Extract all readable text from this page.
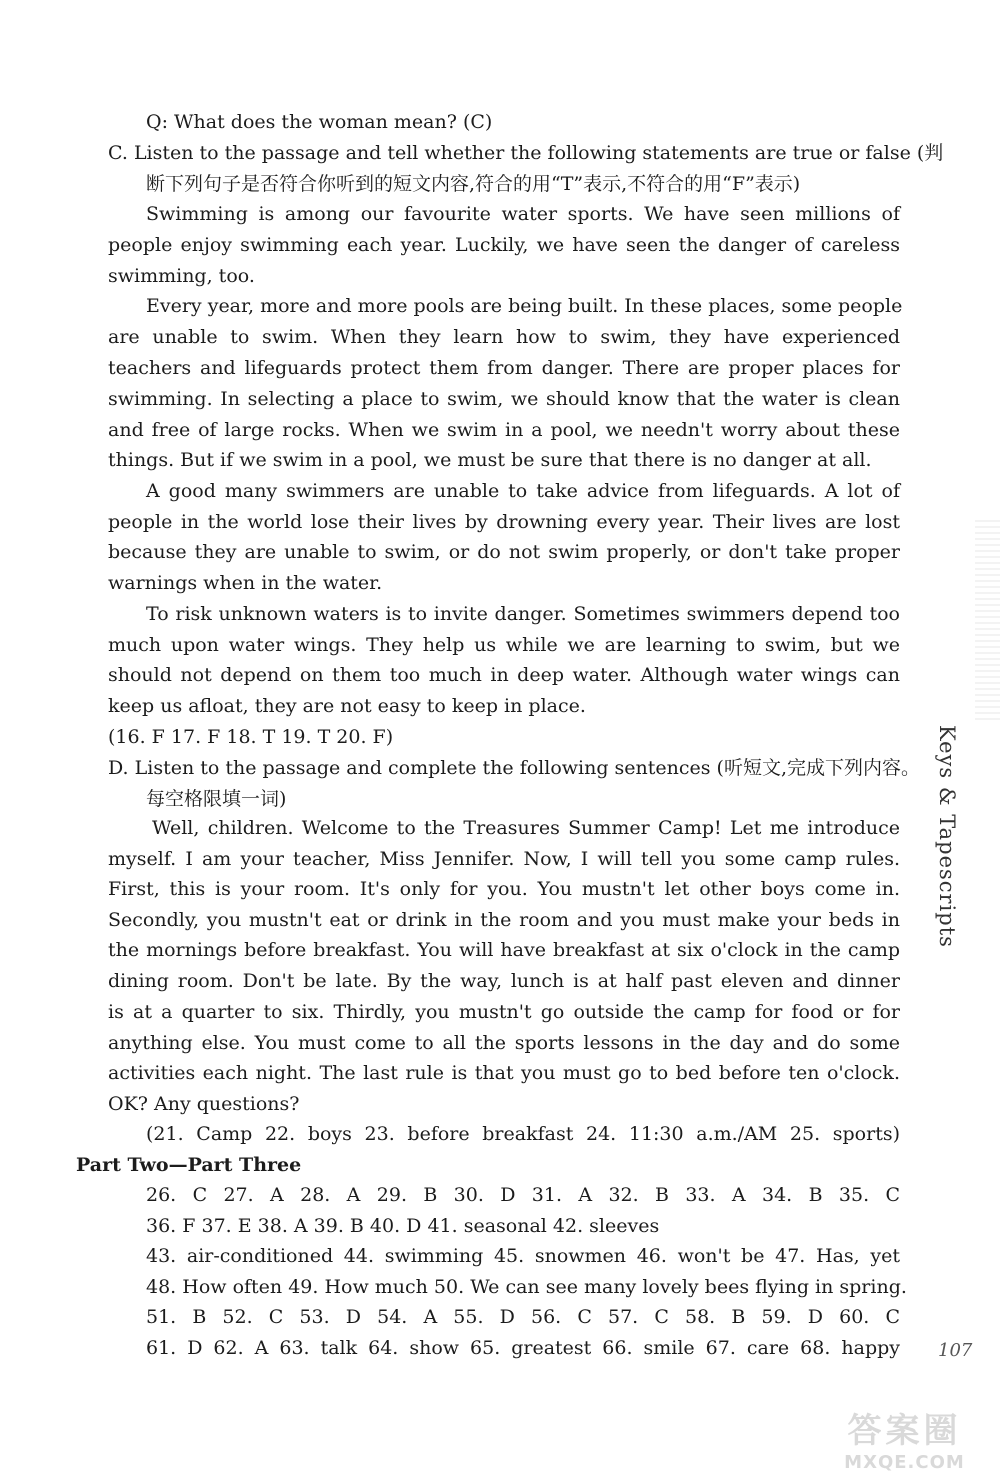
Q: What does the woman mean? (C)
C. Listen to the passage and tell whether the following statements are true or false (判
断下列句子是否符合你听到的短文内容,符合的用“T”表示,不符合的用“F”表示)
Swimming is among our favourite water sports. We have seen millions of
people enjoy swimming each year. Luckily, we have seen the danger of careless
swimming, too.
Every year, more and more pools are being built. In these places, some people
are unable to swim. When they learn how to swim, they have experienced
teachers and lifeguards protect them from danger. There are proper places for
swimming. In selecting a place to swim, we should know that the water is clean
and free of large rocks. When we swim in a pool, we needn't worry about these
things. But if we swim in a pool, we must be sure that there is no danger at all.
A good many swimmers are unable to take advice from lifeguards. A lot of
people in the world lose their lives by drowning every year. Their lives are lost
because they are unable to swim, or do not swim properly, or don't take proper
warnings when in the water.
To risk unknown waters is to invite danger. Sometimes swimmers depend too
much upon water wings. They help us while we are learning to swim, but we
should not depend on them too much in deep water. Although water wings can
keep us afloat, they are not easy to keep in place.
(16. F 17. F 18. T 19. T 20. F)
D. Listen to the passage and complete the following sentences (听短文,完成下列内容。
每空格限填一词)
Well, children. Welcome to the Treasures Summer Camp! Let me introduce
myself. I am your teacher, Miss Jennifer. Now, I will tell you some camp rules.
First, this is your room. It's only for you. You mustn't let other boys come in.
Secondly, you mustn't eat or drink in the room and you must make your beds in
the mornings before breakfast. You will have breakfast at six o'clock in the camp
dining room. Don't be late. By the way, lunch is at half past eleven and dinner
is at a quarter to six. Thirdly, you mustn't go outside the camp for food or for
anything else. You must come to all the sports lessons in the day and do some
activities each night. The last rule is that you must go to bed before ten o'clock.
OK? Any questions?
(21. Camp 22. boys 23. before breakfast 24. 11:30 a.m./AM 25. sports)
Part Two—Part Three
26. C 27. A 28. A 29. B 30. D 31. A 32. B 33. A 34. B 35. C
36. F 37. E 38. A 39. B 40. D 41. seasonal 42. sleeves
43. air-conditioned 44. swimming 45. snowmen 46. won't be 47. Has, yet
48. How often 49. How much 50. We can see many lovely bees flying in spring.
51. B 52. C 53. D 54. A 55. D 56. C 57. C 58. B 59. D 60. C
61. D 62. A 63. talk 64. show 65. greatest 66. smile 67. care 68. happy
Keys & Tapescripts
107
答案圈
MXQE.COM
